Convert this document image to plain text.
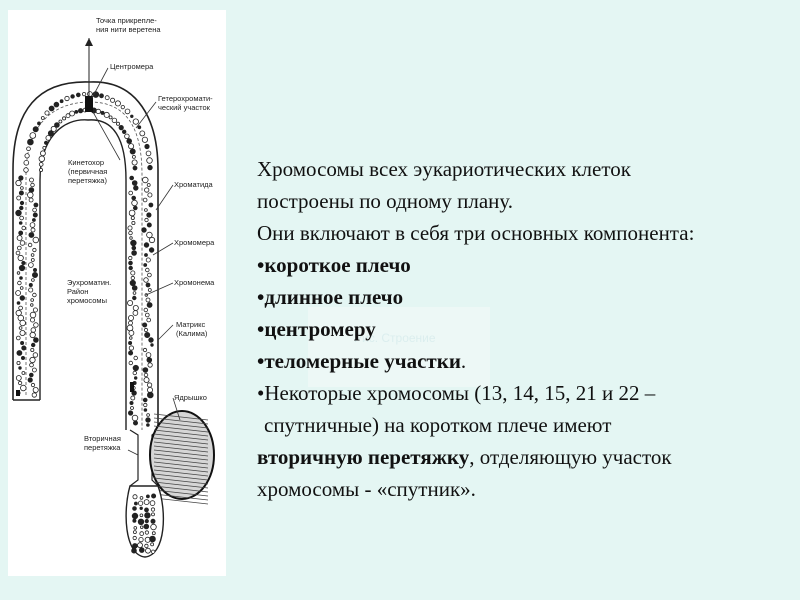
Точка прикрепле-
ния нити веретена
Центромера
Гетерохромати-
ческий участок
Кинетохор
(первичная
перетяжка)	Хроматида
Хромомера
Хромонема
Эухроматин.
Район
хромосомы
Матрикс
(Калима)
Ядрышко
Вторичная
перетяжка
Рис. Строение

Хромосомы всех эукариотических клеток

построены по одному плану.

Они включают в себя три основных компонента:

•короткое плечо

•длинное плечо

•центромеру

•теломерные участки.

•Некоторые хромосомы (13, 14, 15, 21 и 22 –

спутничные) на коротком плече имеют

вторичную перетяжку, отделяющую участок

хромосомы - «спутник».
